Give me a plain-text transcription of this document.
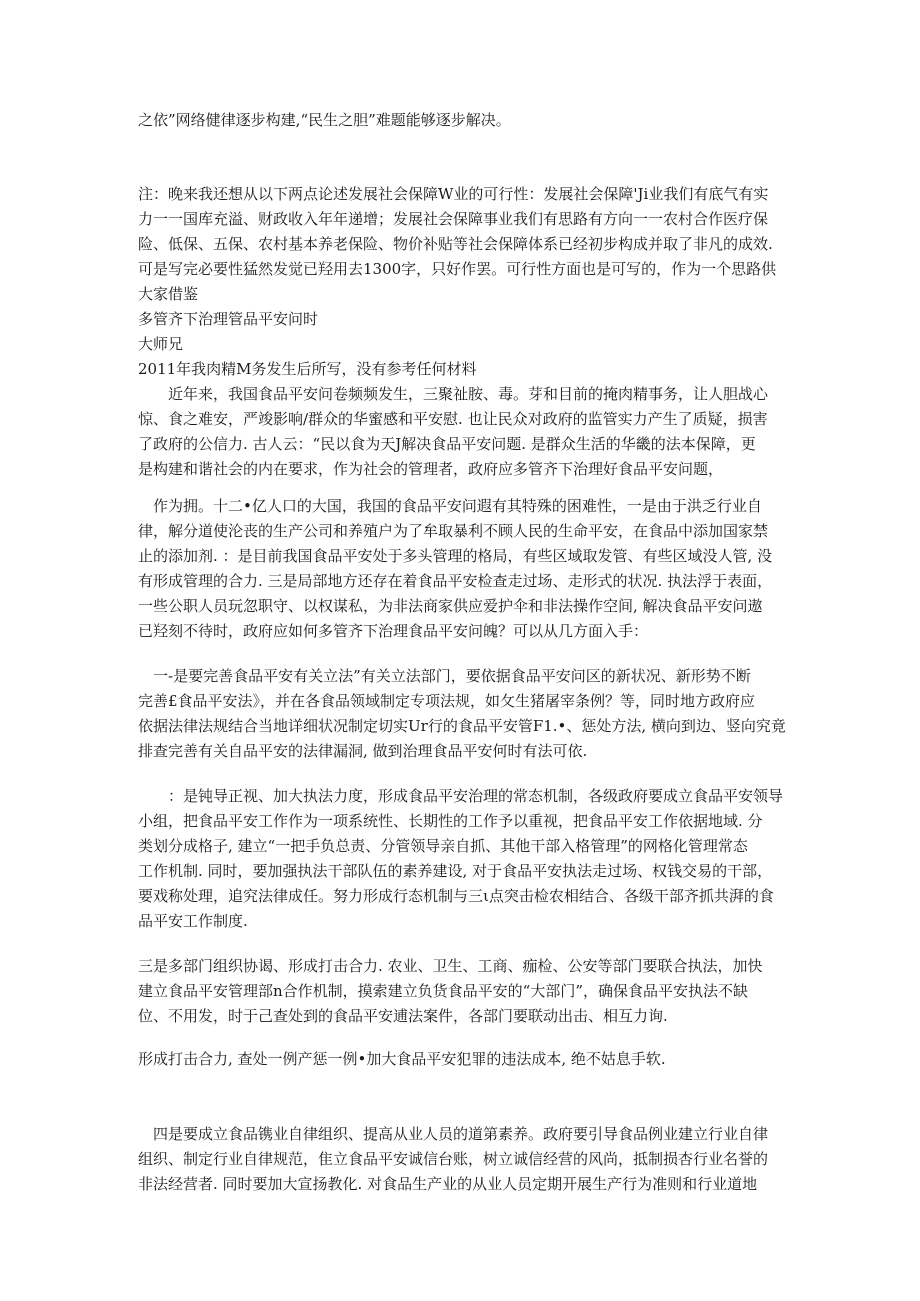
之依”网络健律逐步构建,“民生之胆”难题能够逐步解决。
注：晚来我还想从以下两点论述发展社会保障W业的可行性：发展社会保障'Ji业我们有底气有实
力一一国库充溢、财政收入年年递增；发展社会保障事业我们有思路有方向一一农村合作医疗保
险、低保、五保、农村基本养老保险、物价补贴等社会保障体系已经初步构成并取了非凡的成效.
可是写完必要性猛然发觉已羟用去1300字，只好作罢。可行性方面也是可写的，作为一个思路供
大家借鉴
多管齐下治理管品平安问时
大师兄
2011年我肉精M务发生后所写，没有参考任何材料
　　近年来，我国食品平安问卷频频发生，三聚祉胺、毒。芽和目前的掩肉精事务，让人胆战心
惊、食之难安，严竣影响/群众的华蜜感和平安慰. 也让民众对政府的监管实力产生了质疑，损害
了政府的公信力. 古人云：“民以食为天J解决食品平安问题. 是群众生活的华畿的法本保障，更
是构建和谐社会的内在要求，作为社会的管理者，政府应多管齐下治理好食品平安问题，
　作为拥。十二•亿人口的大国，我国的食品平安问遐有其特殊的困难性，一是由于洪乏行业自
律，解分道使沦丧的生产公司和养殖户为了牟取暴利不顾人民的生命平安，在食品中添加国家禁
止的添加剂. ：是目前我国食品平安处于多头管理的格局，有些区域取发管、有些区域没人管, 没
有形成管理的合力. 三是局部地方还存在着食品平安检查走过场、走形式的状况. 执法浮于表面，
一些公职人员玩忽职守、以权谋私，为非法商家供应爱护伞和非法操作空间, 解决食品平安问遨
已羟刻不待时，政府应如何多管齐下治理食品平安问魄？可以从几方面入手：
　一-是要完善食品平安有关立法”有关立法部门，要依据食品平安问区的新状况、新形势不断
完善£食品平安法》，并在各食品领域制定专项法规，如攵生猪屠宰条例？等，同时地方政府应
依据法律法规结合当地详细状况制定切实Ur行的食品平安管F1.•、惩处方法, 横向到边、竖向究竟
排查完善有关自品平安的法律漏洞, 做到治理食品平安何时有法可依.
　　：是钝导正视、加大执法力度，形成食品平安治理的常态机制，各级政府要成立食品平安领导
小组，把食品平安工作作为一项系统性、长期性的工作予以重视，把食品平安工作依据地域. 分
类划分成格子, 建立“一把手负总责、分管领导亲自抓、其他干部入格管理”的网格化管理常态
工作机制. 同时，要加强执法干部队伍的素养建设, 对于食品平安执法走过场、权钱交易的干部，
要戏称处理，追究法律成任。努力形成行态机制与三ι点突击检农相结合、各级干部齐抓共湃的食
品平安工作制度.
三是多部门组织协谒、形成打击合力. 农业、卫生、工商、痂检、公安等部门要联合执法，加快
建立食品平安管理部n合作机制，摸索建立负货食品平安的“大部门”，确保食品平安执法不缺
位、不用发，时于己查处到的食品平安逋法案件，各部门要联动出击、相互力询.
形成打击合力, 查处一例产惩一例•加大食品平安犯罪的违法成本, 绝不姑息手软.
　四是要成立食品镌业自律组织、提高从业人员的道第素养。政府要引导食品例业建立行业自律
组织、制定行业自律规范，隹立食品平安诚信台账，树立诚信经营的风尚，抵制损杏行业名誉的
非法经营者. 同时要加大宣扬教化. 对食品生产业的从业人员定期开展生产行为准则和行业道地
